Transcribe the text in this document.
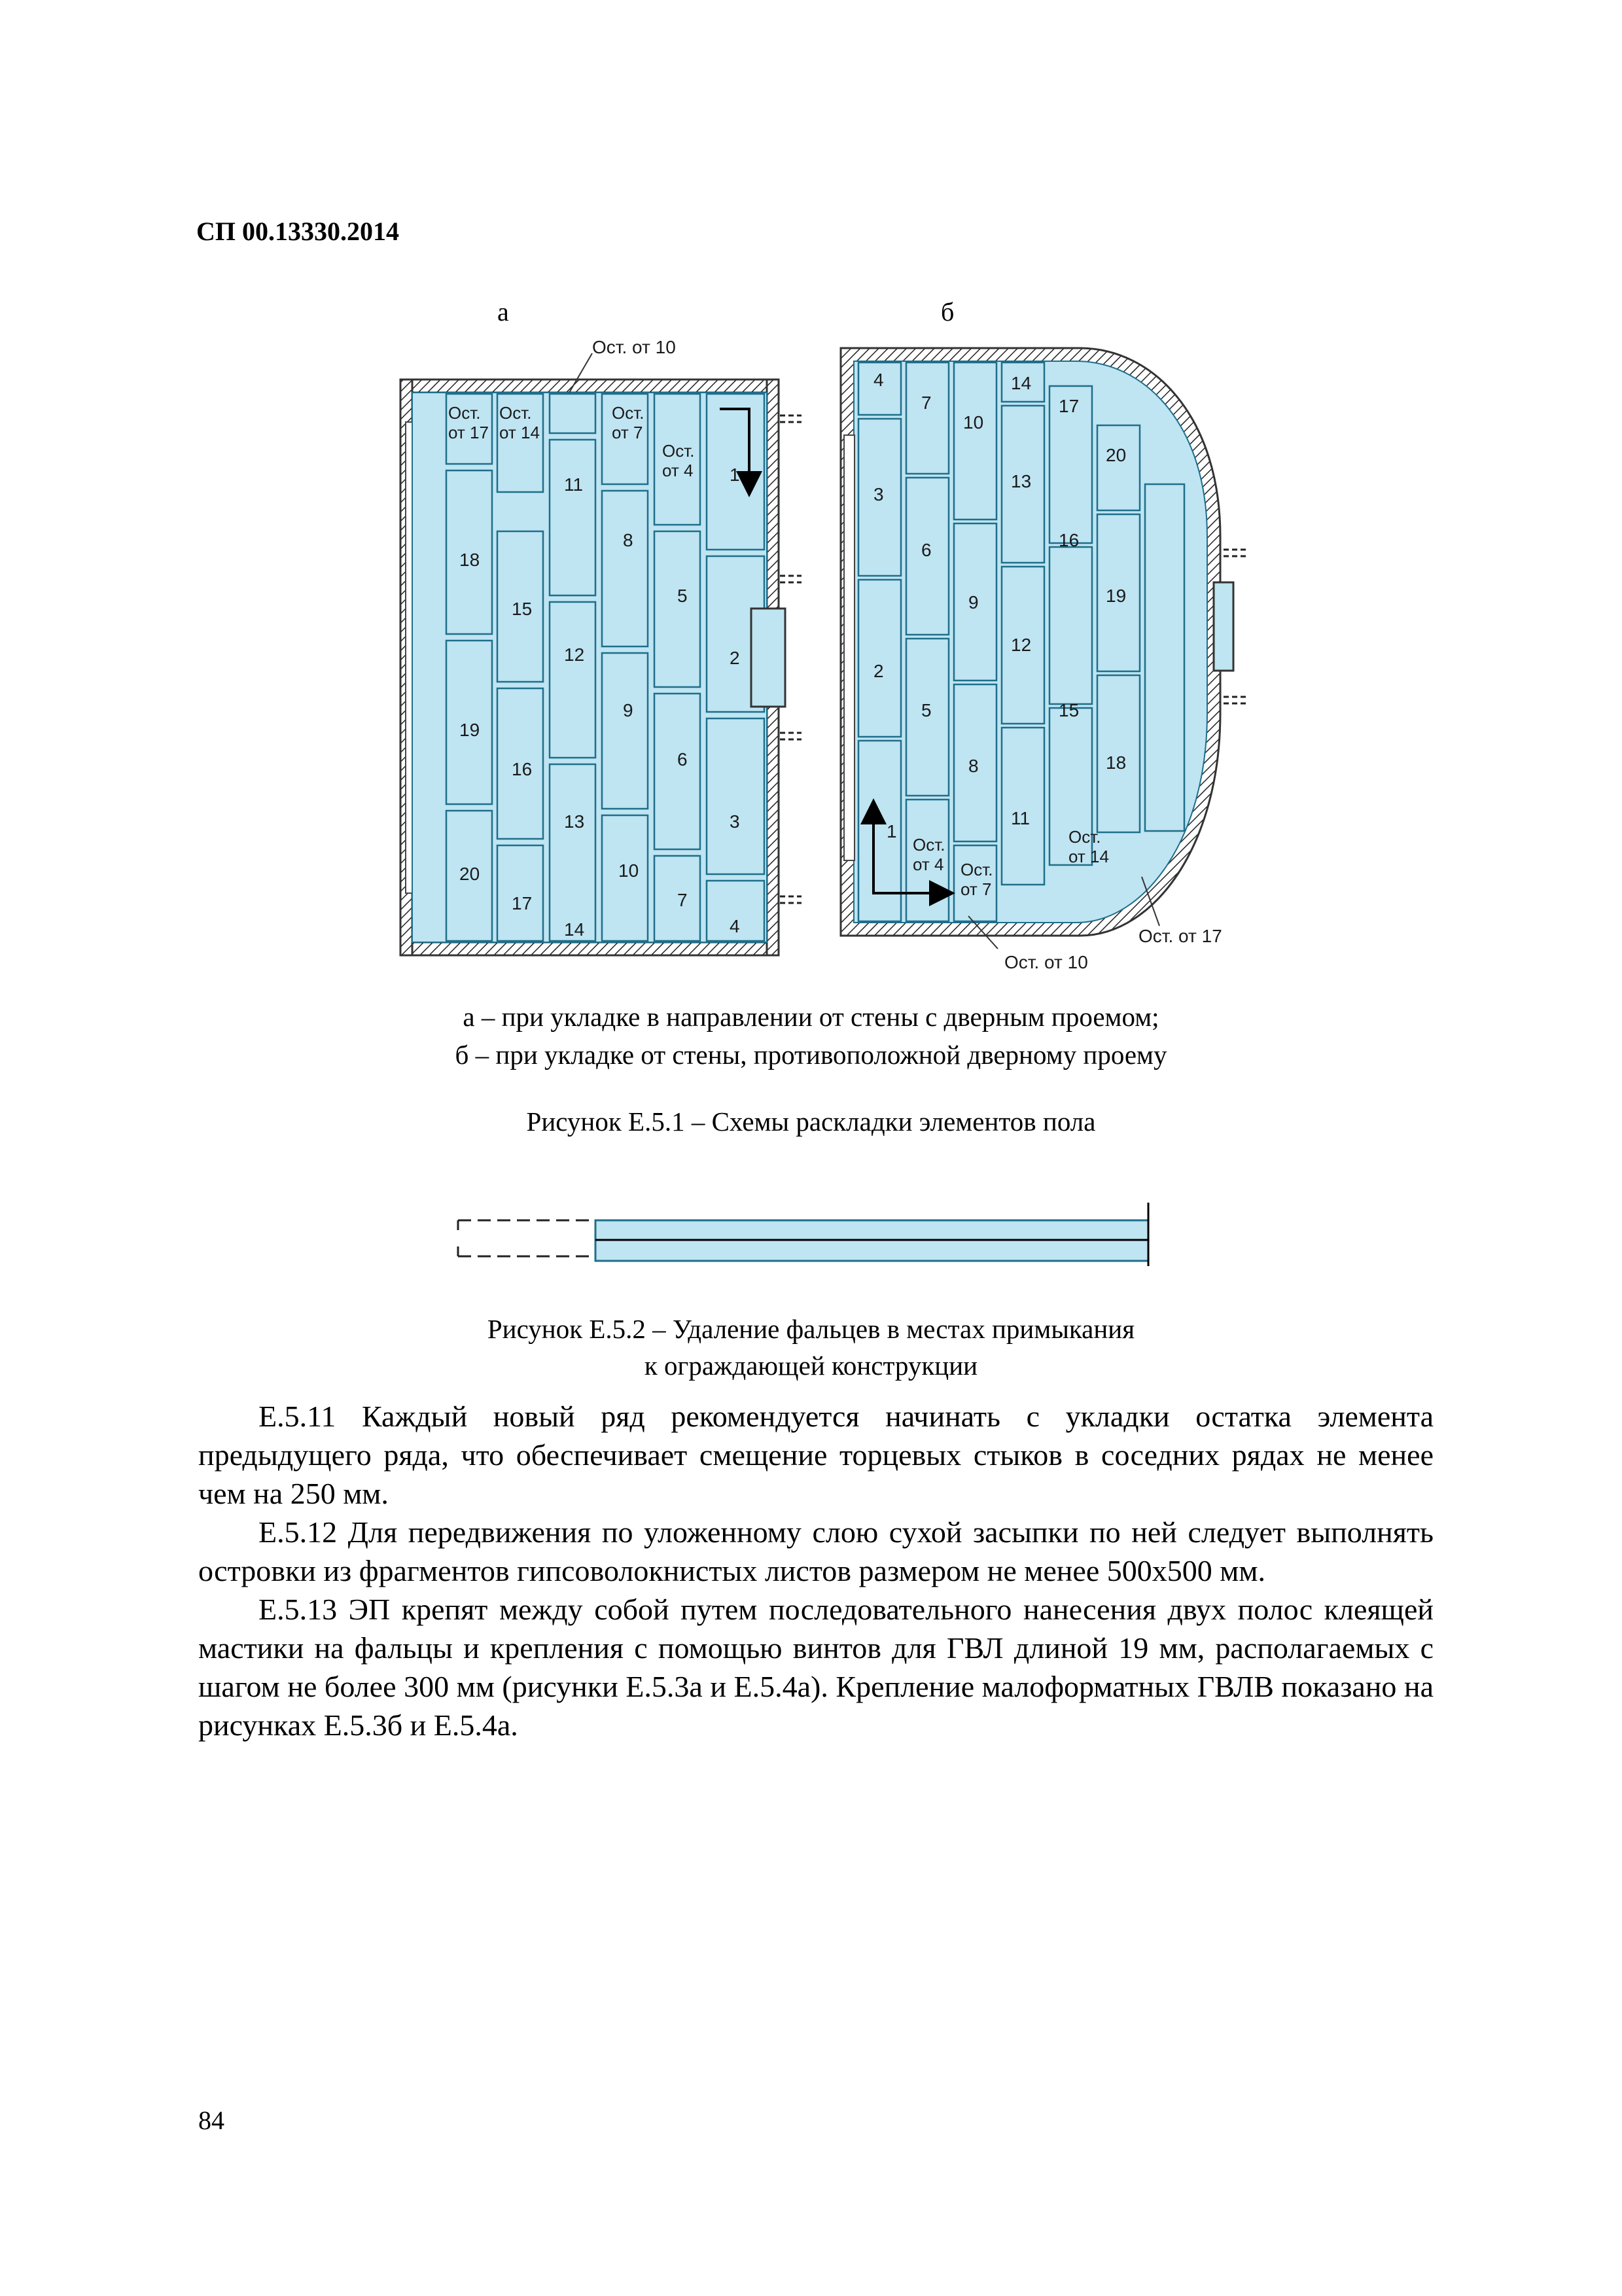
СП 00.13330.2014
а
Ост. от 10
Ост.
от 17
Ост.
от 14
Ост.
от 7
Ост.
от 4 1
2
3
4
5
6
7
8
9
10
11
12
13
14
15
16
17
18
19
20
б
Ост. от 10
Ост. от 17
Ост.
от 4 Ост.
от 7
Ост.
от 14
1
2
3
4
5
6
7
8
9
10
11
12
13
14
15
16
17
18
19
20
а – при укладке в направлении от стены с дверным проемом;
б – при укладке от стены, противоположной дверному проему
Рисунок Е.5.1 – Схемы раскладки элементов пола
Рисунок Е.5.2 – Удаление фальцев в местах примыкания
к ограждающей конструкции

Е.5.11 Каждый новый ряд рекомендуется начинать с укладки остатка элемента предыдущего ряда, что обеспечивает смещение торцевых стыков в соседних рядах не менее чем на 250 мм.

Е.5.12 Для передвижения по уложенному слою сухой засыпки по ней следует выполнять островки из фрагментов гипсоволокнистых листов размером не менее 500х500 мм.

Е.5.13 ЭП крепят между собой путем последовательного нанесения двух полос клеящей мастики на фальцы и крепления с помощью винтов для ГВЛ длиной 19 мм, располагаемых с шагом не более 300 мм (рисунки Е.5.3а и Е.5.4а). Крепление малоформатных ГВЛВ показано на рисунках Е.5.3б и Е.5.4а.

84
